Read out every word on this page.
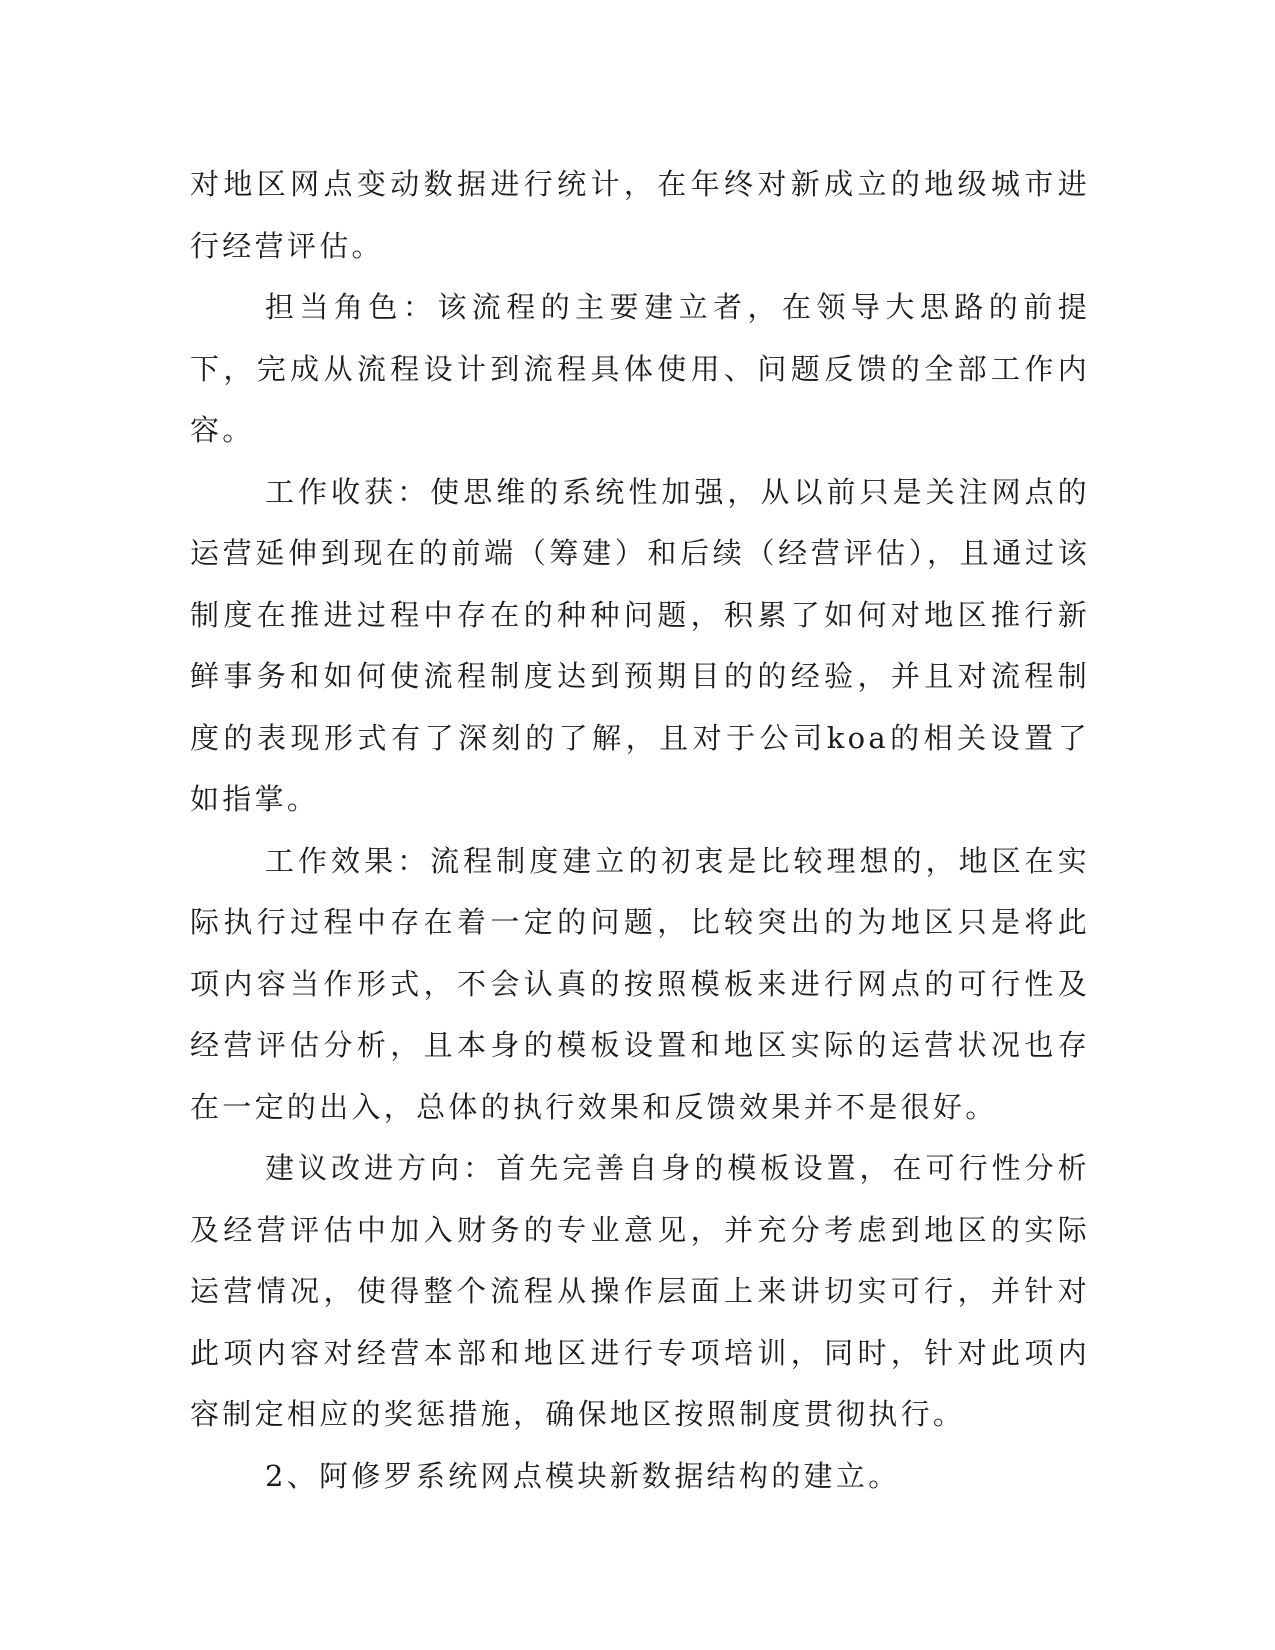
对地区网点变动数据进行统计，在年终对新成立的地级城市进行经营评估。

担当角色：该流程的主要建立者，在领导大思路的前提下，完成从流程设计到流程具体使用、问题反馈的全部工作内容。

工作收获：使思维的系统性加强，从以前只是关注网点的运营延伸到现在的前端（筹建）和后续（经营评估），且通过该制度在推进过程中存在的种种问题，积累了如何对地区推行新鲜事务和如何使流程制度达到预期目的的经验，并且对流程制度的表现形式有了深刻的了解，且对于公司koa的相关设置了如指掌。

工作效果：流程制度建立的初衷是比较理想的，地区在实际执行过程中存在着一定的问题，比较突出的为地区只是将此项内容当作形式，不会认真的按照模板来进行网点的可行性及经营评估分析，且本身的模板设置和地区实际的运营状况也存在一定的出入，总体的执行效果和反馈效果并不是很好。

建议改进方向：首先完善自身的模板设置，在可行性分析及经营评估中加入财务的专业意见，并充分考虑到地区的实际运营情况，使得整个流程从操作层面上来讲切实可行，并针对此项内容对经营本部和地区进行专项培训，同时，针对此项内容制定相应的奖惩措施，确保地区按照制度贯彻执行。

2、阿修罗系统网点模块新数据结构的建立。
